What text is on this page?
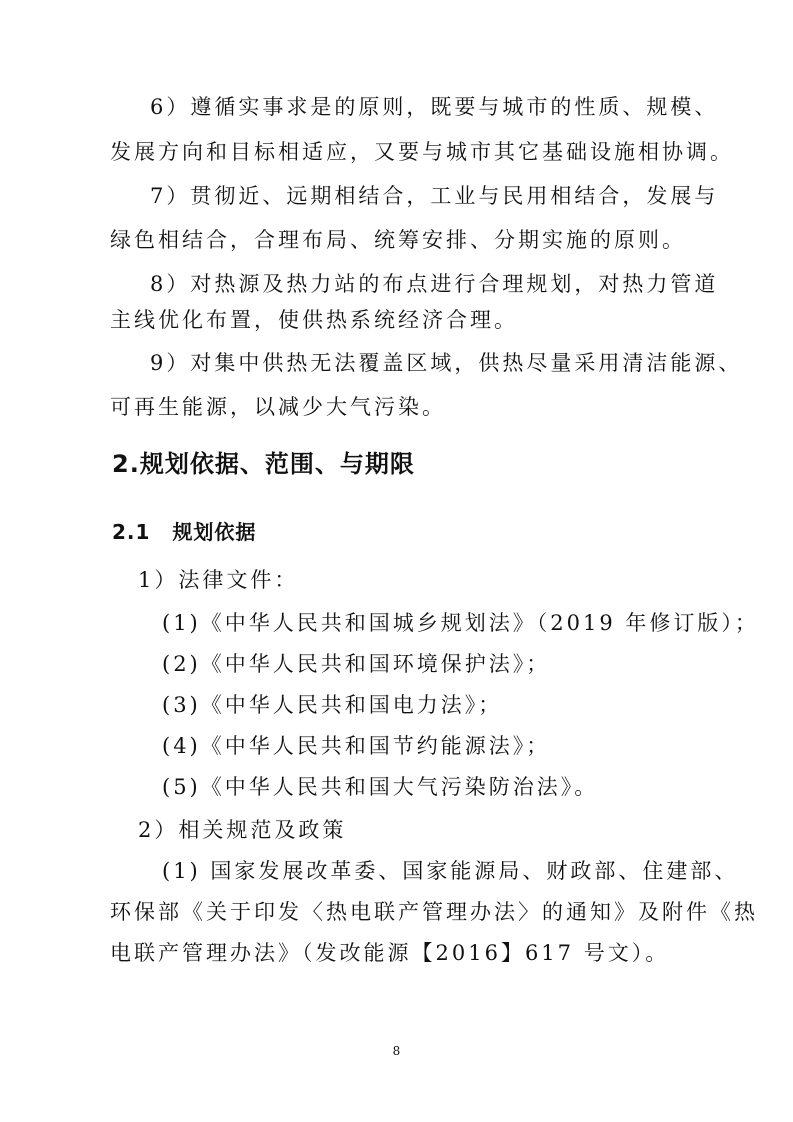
6）遵循实事求是的原则，既要与城市的性质、规模、
发展方向和目标相适应，又要与城市其它基础设施相协调。
7）贯彻近、远期相结合，工业与民用相结合，发展与
绿色相结合，合理布局、统筹安排、分期实施的原则。
8）对热源及热力站的布点进行合理规划，对热力管道
主线优化布置，使供热系统经济合理。
9）对集中供热无法覆盖区域，供热尽量采用清洁能源、
可再生能源，以减少大气污染。
2.规划依据、范围、与期限
2.1 规划依据
1）法律文件：
(1)《中华人民共和国城乡规划法》（2019 年修订版）；
(2)《中华人民共和国环境保护法》；
(3)《中华人民共和国电力法》；
(4)《中华人民共和国节约能源法》；
(5)《中华人民共和国大气污染防治法》。
2）相关规范及政策
(1) 国家发展改革委、国家能源局、财政部、住建部、
环保部《关于印发〈热电联产管理办法〉的通知》及附件《热
电联产管理办法》（发改能源【2016】617 号文）。
8
